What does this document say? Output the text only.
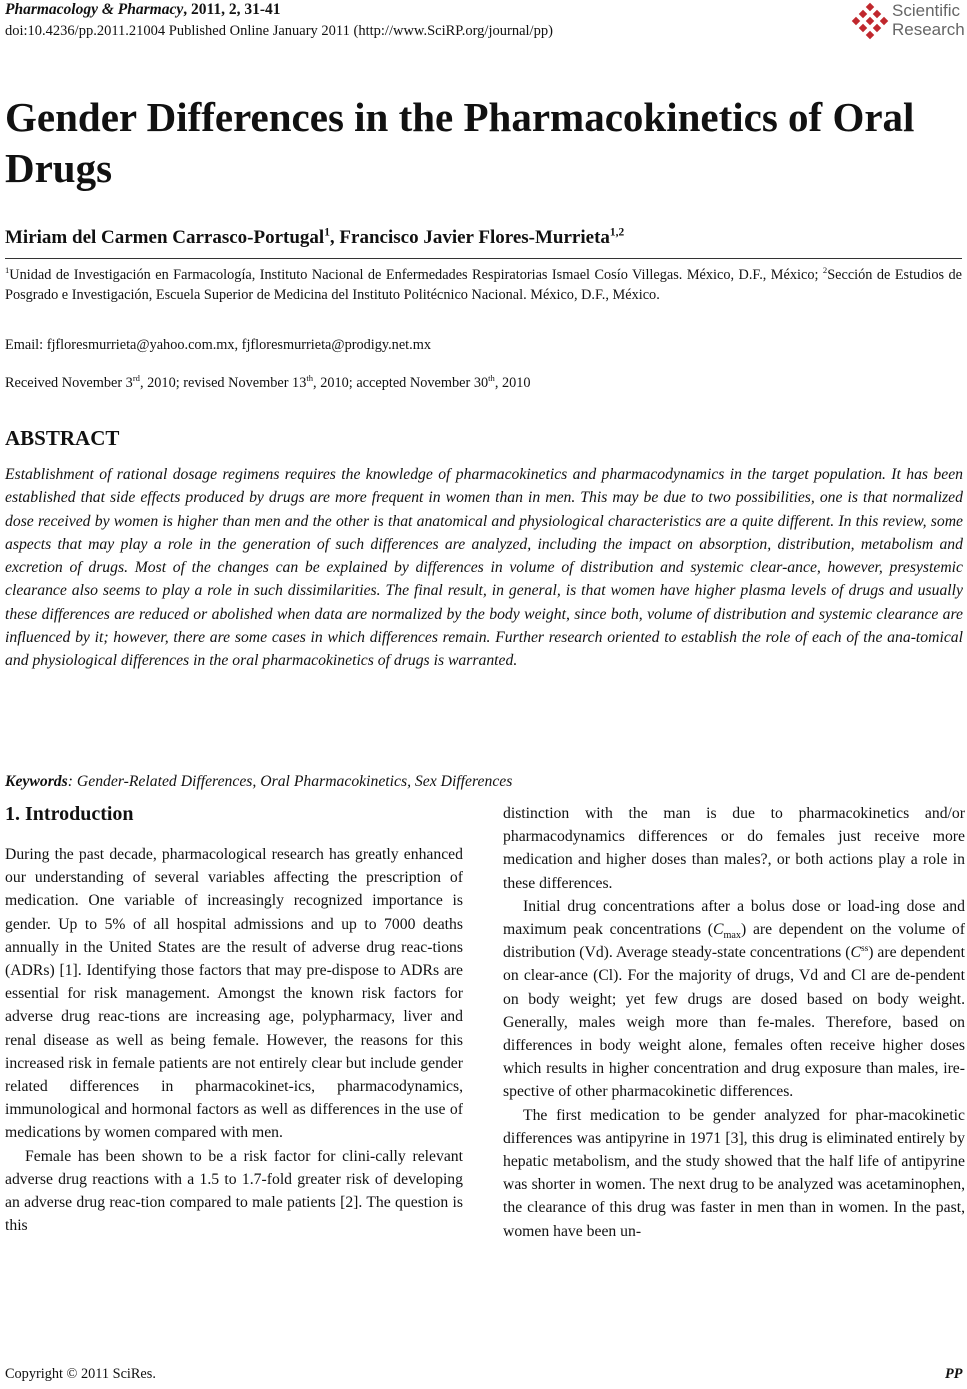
Pharmacology & Pharmacy, 2011, 2, 31-41
doi:10.4236/pp.2011.21004 Published Online January 2011 (http://www.SciRP.org/journal/pp)
Scientific
Research
Gender Differences in the Pharmacokinetics of Oral Drugs
Miriam del Carmen Carrasco-Portugal$^1$, Francisco Javier Flores-Murrieta$^{1,2}$
$^1$Unidad de Investigación en Farmacología, Instituto Nacional de Enfermedades Respiratorias Ismael Cosío Villegas. México, D.F., México; $^2$Sección de Estudios de Posgrado e Investigación, Escuela Superior de Medicina del Instituto Politécnico Nacional. México, D.F., México.
Email: fjfloresmurrieta@yahoo.com.mx, fjfloresmurrieta@prodigy.net.mx
Received November 3rd, 2010; revised November 13th, 2010; accepted November 30th, 2010
ABSTRACT
Establishment of rational dosage regimens requires the knowledge of pharmacokinetics and pharmacodynamics in the target population. It has been established that side effects produced by drugs are more frequent in women than in men. This may be due to two possibilities, one is that normalized dose received by women is higher than men and the other is that anatomical and physiological characteristics are a quite different. In this review, some aspects that may play a role in the generation of such differences are analyzed, including the impact on absorption, distribution, metabolism and excretion of drugs. Most of the changes can be explained by differences in volume of distribution and systemic clear-ance, however, presystemic clearance also seems to play a role in such dissimilarities. The final result, in general, is that women have higher plasma levels of drugs and usually these differences are reduced or abolished when data are normalized by the body weight, since both, volume of distribution and systemic clearance are influenced by it; however, there are some cases in which differences remain. Further research oriented to establish the role of each of the ana-tomical and physiological differences in the oral pharmacokinetics of drugs is warranted.
Keywords: Gender-Related Differences, Oral Pharmacokinetics, Sex Differences
1. Introduction

During the past decade, pharmacological research has greatly enhanced our understanding of several variables affecting the prescription of medication. One variable of increasingly recognized importance is gender. Up to 5% of all hospital admissions and up to 7000 deaths annually in the United States are the result of adverse drug reac-tions (ADRs) [1]. Identifying those factors that may pre-dispose to ADRs are essential for risk management. Amongst the known risk factors for adverse drug reac-tions are increasing age, polypharmacy, liver and renal disease as well as being female. However, the reasons for this increased risk in female patients are not entirely clear but include gender related differences in pharmacokinet-ics, pharmacodynamics, immunological and hormonal factors as well as differences in the use of medications by women compared with men.

Female has been shown to be a risk factor for clini-cally relevant adverse drug reactions with a 1.5 to 1.7-fold greater risk of developing an adverse drug reac-tion compared to male patients [2]. The question is this

distinction with the man is due to pharmacokinetics and/or pharmacodynamics differences or do females just receive more medication and higher doses than males?, or both actions play a role in these differences.

Initial drug concentrations after a bolus dose or load-ing dose and maximum peak concentrations $(C_{max})$ are dependent on the volume of distribution (Vd). Average steady-state concentrations $(C^{ss})$ are dependent on clear-ance (Cl). For the majority of drugs, Vd and Cl are de-pendent on body weight; yet few drugs are dosed based on body weight. Generally, males weigh more than fe-males. Therefore, based on differences in body weight alone, females often receive higher doses which results in higher concentration and drug exposure than males, ire-spective of other pharmacokinetic differences.

The first medication to be gender analyzed for phar-macokinetic differences was antipyrine in 1971 [3], this drug is eliminated entirely by hepatic metabolism, and the study showed that the half life of antipyrine was shorter in women. The next drug to be analyzed was acetaminophen, the clearance of this drug was faster in men than in women. In the past, women have been un-

Copyright © 2011 SciRes.	PP
